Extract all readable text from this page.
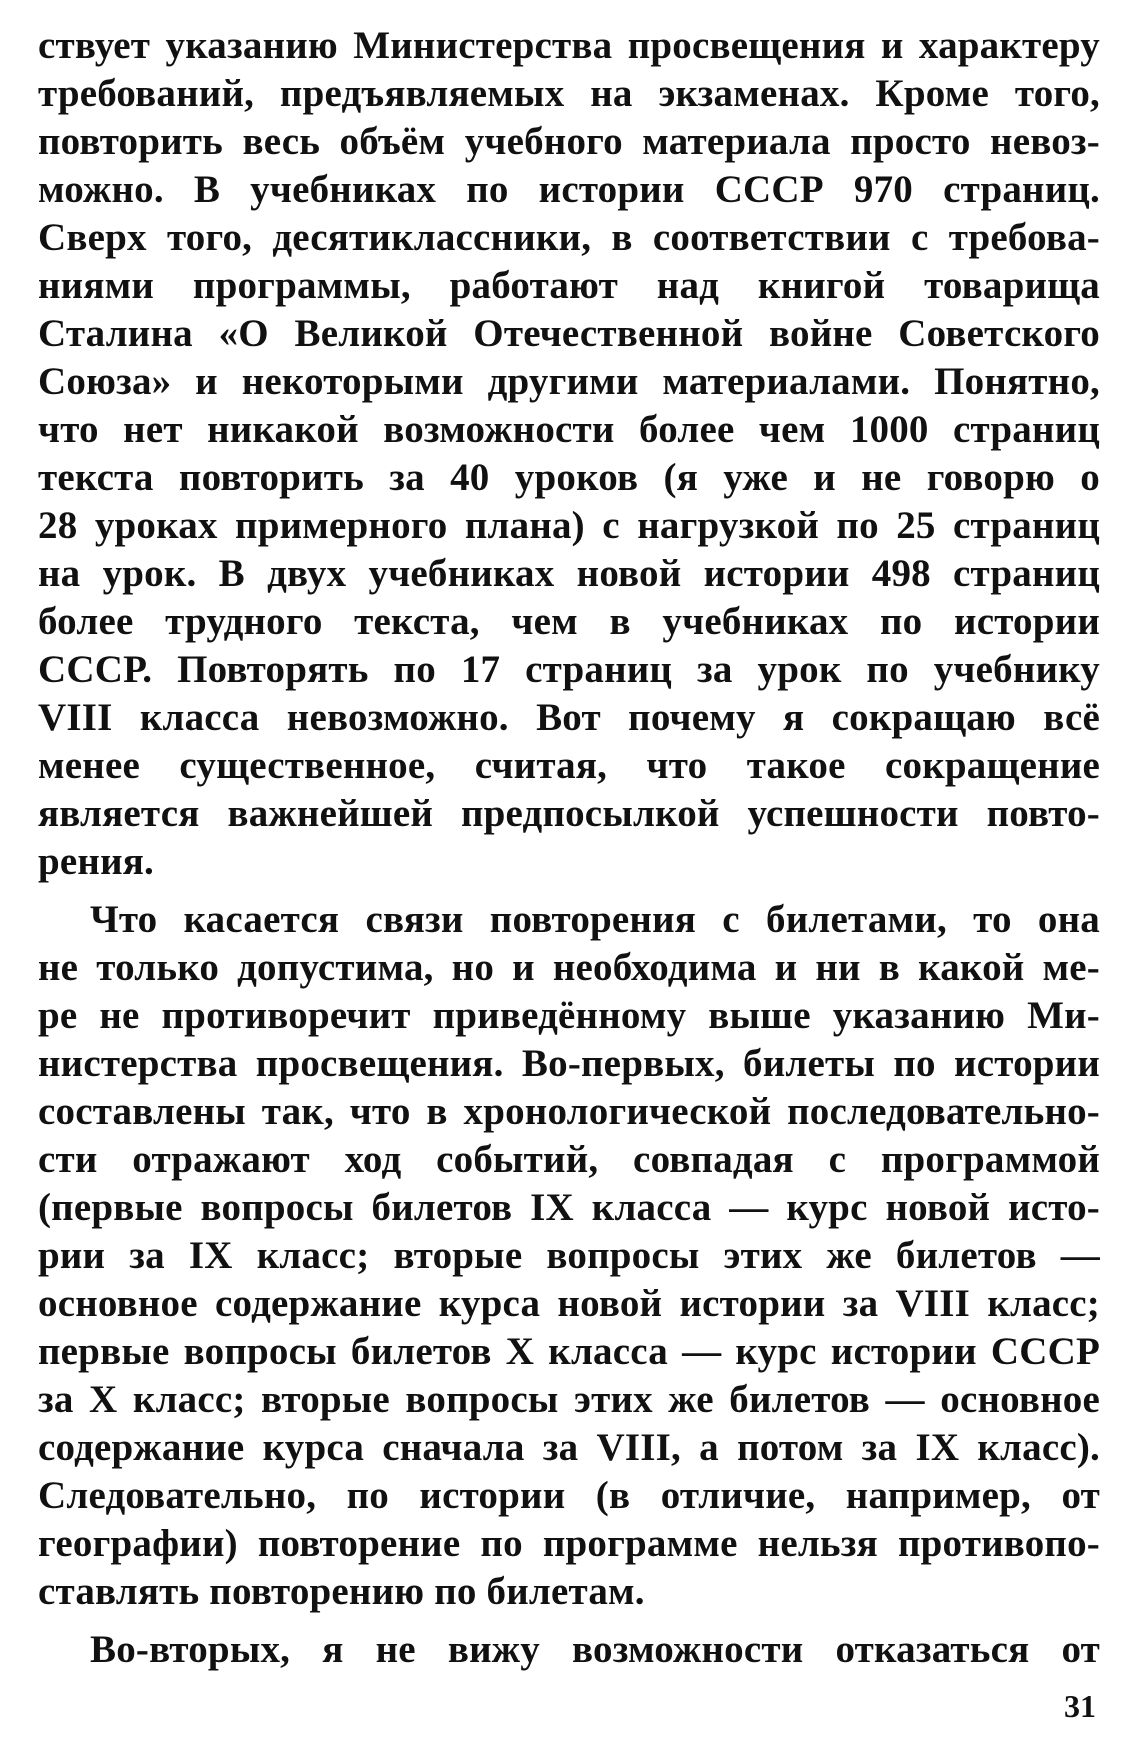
ствует указанию Министерства просвещения и характеру
требований, предъявляемых на экзаменах. Кроме того,
повторить весь объём учебного материала просто невоз-
можно. В учебниках по истории СССР 970 страниц.
Сверх того, десятиклассники, в соответствии с требова-
ниями программы, работают над книгой товарища
Сталина «О Великой Отечественной войне Советского
Союза» и некоторыми другими материалами. Понятно,
что нет никакой возможности более чем 1000 страниц
текста повторить за 40 уроков (я уже и не говорю о
28 уроках примерного плана) с нагрузкой по 25 страниц
на урок. В двух учебниках новой истории 498 страниц
более трудного текста, чем в учебниках по истории
СССР. Повторять по 17 страниц за урок по учебнику
VIII класса невозможно. Вот почему я сокращаю всё
менее существенное, считая, что такое сокращение
является важнейшей предпосылкой успешности повто-
рения.
Что касается связи повторения с билетами, то она
не только допустима, но и необходима и ни в какой ме-
ре не противоречит приведённому выше указанию Ми-
нистерства просвещения. Во-первых, билеты по истории
составлены так, что в хронологической последовательно-
сти отражают ход событий, совпадая с программой
(первые вопросы билетов IX класса — курс новой исто-
рии за IX класс; вторые вопросы этих же билетов —
основное содержание курса новой истории за VIII класс;
первые вопросы билетов X класса — курс истории СССР
за X класс; вторые вопросы этих же билетов — основное
содержание курса сначала за VIII, а потом за IX класс).
Следовательно, по истории (в отличие, например, от
географии) повторение по программе нельзя противопо-
ставлять повторению по билетам.
Во-вторых, я не вижу возможности отказаться от
31
